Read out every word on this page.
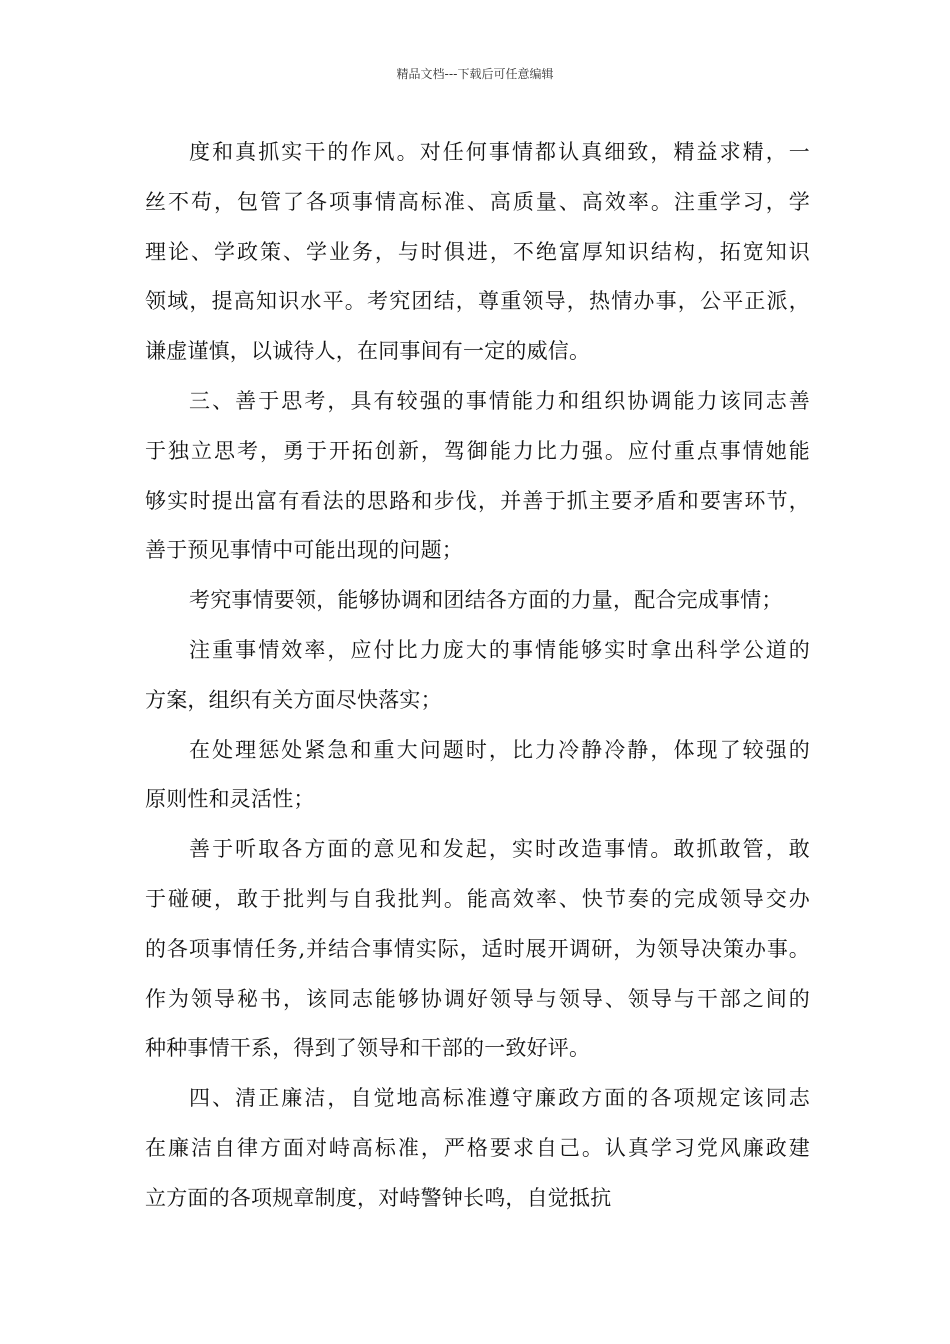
精品文档---下载后可任意编辑
度和真抓实干的作风。对任何事情都认真细致，精益求精，一
丝不苟，包管了各项事情高标准、高质量、高效率。注重学习，学
理论、学政策、学业务，与时俱进，不绝富厚知识结构，拓宽知识
领域，提高知识水平。考究团结，尊重领导，热情办事，公平正派，
谦虚谨慎，以诚待人，在同事间有一定的威信。
三、善于思考，具有较强的事情能力和组织协调能力该同志善
于独立思考，勇于开拓创新，驾御能力比力强。应付重点事情她能
够实时提出富有看法的思路和步伐，并善于抓主要矛盾和要害环节，
善于预见事情中可能出现的问题；
考究事情要领，能够协调和团结各方面的力量，配合完成事情；
注重事情效率，应付比力庞大的事情能够实时拿出科学公道的
方案，组织有关方面尽快落实；
在处理惩处紧急和重大问题时，比力冷静冷静，体现了较强的
原则性和灵活性；
善于听取各方面的意见和发起，实时改造事情。敢抓敢管，敢
于碰硬，敢于批判与自我批判。能高效率、快节奏的完成领导交办
的各项事情任务,并结合事情实际，适时展开调研，为领导决策办事。
作为领导秘书，该同志能够协调好领导与领导、领导与干部之间的
种种事情干系，得到了领导和干部的一致好评。
四、清正廉洁，自觉地高标准遵守廉政方面的各项规定该同志
在廉洁自律方面对峙高标准，严格要求自己。认真学习党风廉政建
立方面的各项规章制度，对峙警钟长鸣，自觉抵抗
